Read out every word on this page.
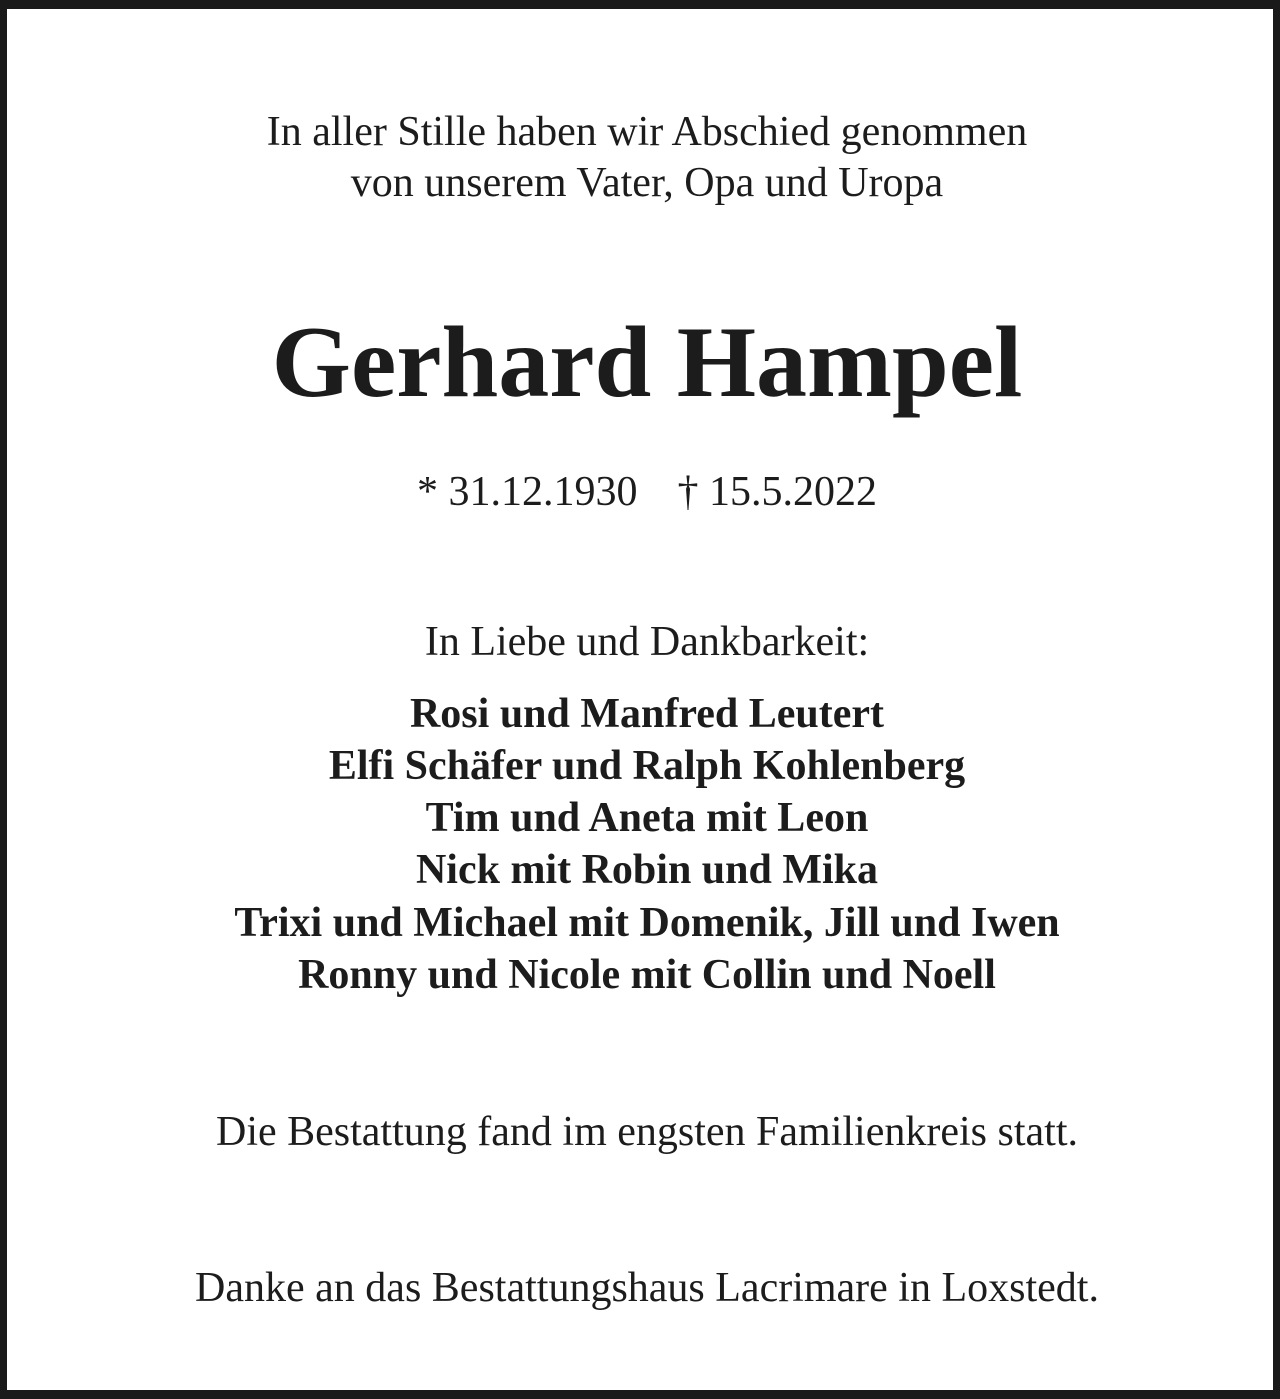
In aller Stille haben wir Abschied genommen

von unserem Vater, Opa und Uropa

Gerhard Hampel

* 31.12.1930 † 15.5.2022

In Liebe und Dankbarkeit:

Rosi und Manfred Leutert

Elfi Schäfer und Ralph Kohlenberg

Tim und Aneta mit Leon

Nick mit Robin und Mika

Trixi und Michael mit Domenik, Jill und Iwen

Ronny und Nicole mit Collin und Noell

Die Bestattung fand im engsten Familienkreis statt.

Danke an das Bestattungshaus Lacrimare in Loxstedt.
